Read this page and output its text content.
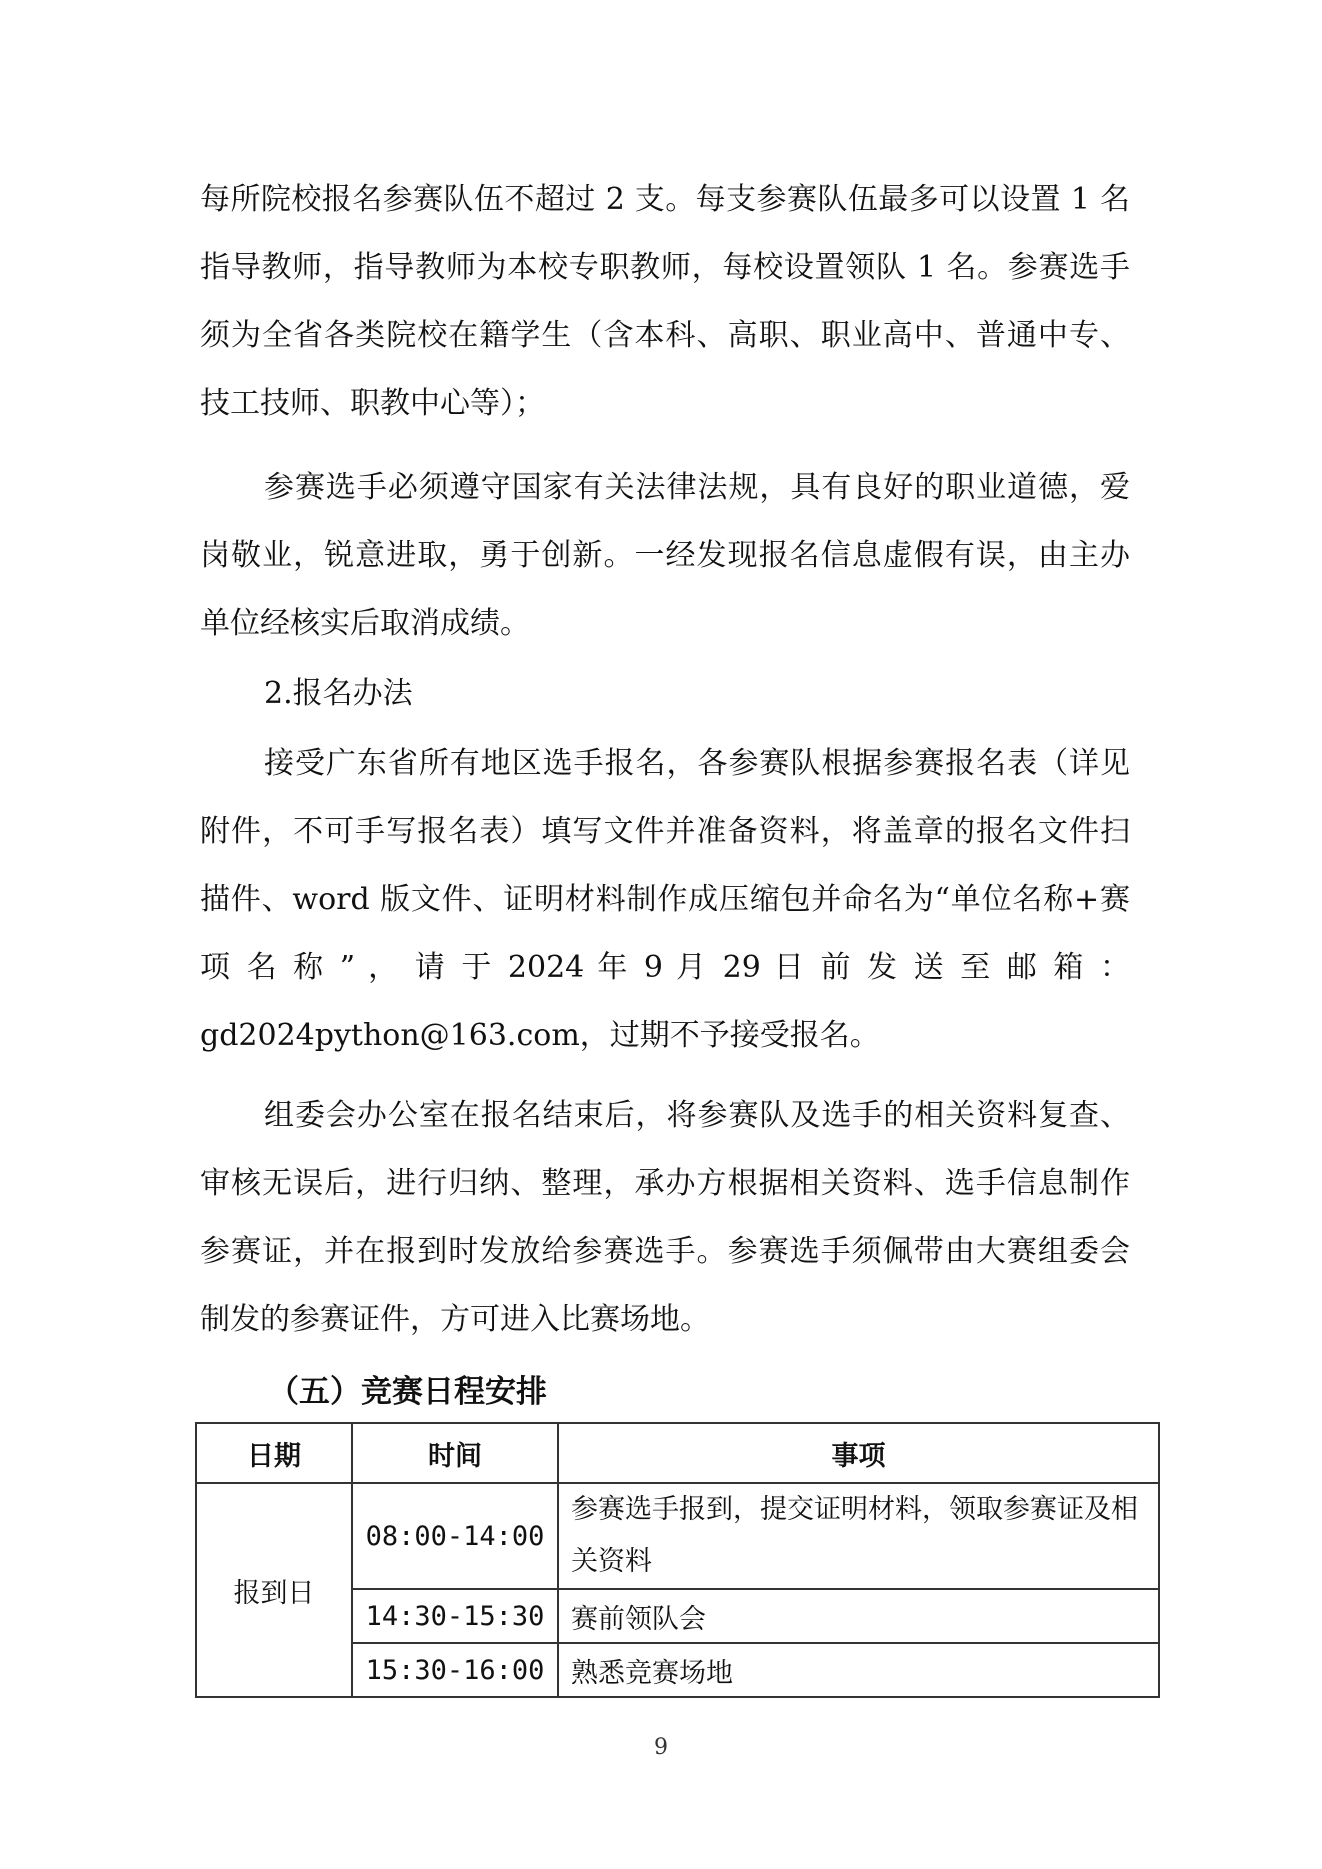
每所院校报名参赛队伍不超过 2 支。每支参赛队伍最多可以设置 1 名
指导教师，指导教师为本校专职教师，每校设置领队 1 名。参赛选手
须为全省各类院校在籍学生（含本科、高职、职业高中、普通中专、
技工技师、职教中心等）；
参赛选手必须遵守国家有关法律法规，具有良好的职业道德，爱
岗敬业，锐意进取，勇于创新。一经发现报名信息虚假有误，由主办
单位经核实后取消成绩。
2.报名办法
接受广东省所有地区选手报名，各参赛队根据参赛报名表（详见
附件，不可手写报名表）填写文件并准备资料，将盖章的报名文件扫
描件、word 版文件、证明材料制作成压缩包并命名为“单位名称+赛
项 名 称 ” ， 请 于 2024 年 9 月 29 日 前 发 送 至 邮 箱 ：
gd2024python@163.com，过期不予接受报名。
组委会办公室在报名结束后，将参赛队及选手的相关资料复查、
审核无误后，进行归纳、整理，承办方根据相关资料、选手信息制作
参赛证，并在报到时发放给参赛选手。参赛选手须佩带由大赛组委会
制发的参赛证件，方可进入比赛场地。
（五）竞赛日程安排
日期	时间	事项
报到日	08:00-14:00	参赛选手报到，提交证明材料，领取参赛证及相关资料
	14:30-15:30	赛前领队会
	15:30-16:00	熟悉竞赛场地
9
